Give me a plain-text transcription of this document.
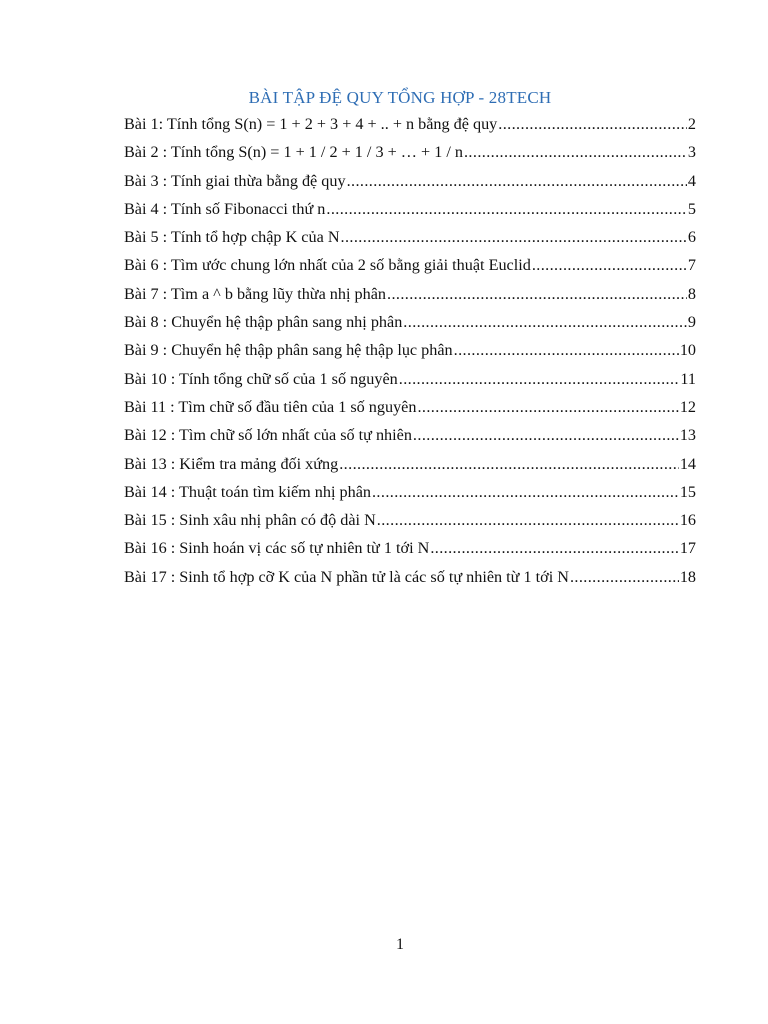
BÀI TẬP ĐỆ QUY TỔNG HỢP - 28TECH
Bài 1: Tính tổng S(n) = 1 + 2 + 3 + 4 + .. + n bằng đệ quy .....	2
Bài 2 : Tính tổng S(n) = 1 + 1 / 2 + 1 / 3 + … + 1 / n .....	3
Bài 3 : Tính giai thừa bằng đệ quy .....	4
Bài 4 : Tính số Fibonacci thứ n .....	5
Bài 5 : Tính tổ hợp chập K của N .....	6
Bài 6 : Tìm ước chung lớn nhất của 2 số bằng giải thuật Euclid .....	7
Bài 7 : Tìm a ^ b bằng lũy thừa nhị phân .....	8
Bài 8 : Chuyển hệ thập phân sang nhị phân .....	9
Bài 9 : Chuyển hệ thập phân sang hệ thập lục phân .....	10
Bài 10 : Tính tổng chữ số của 1 số nguyên .....	11
Bài 11 : Tìm chữ số đầu tiên của 1 số nguyên .....	12
Bài 12 : Tìm chữ số lớn nhất của số tự nhiên .....	13
Bài 13 : Kiểm tra mảng đối xứng .....	14
Bài 14 : Thuật toán tìm kiếm nhị phân .....	15
Bài 15 : Sinh xâu nhị phân có độ dài N .....	16
Bài 16 : Sinh hoán vị các số tự nhiên từ 1 tới N .....	17
Bài 17 : Sinh tổ hợp cỡ K của N phần tử là các số tự nhiên từ 1 tới N .....	18
1
